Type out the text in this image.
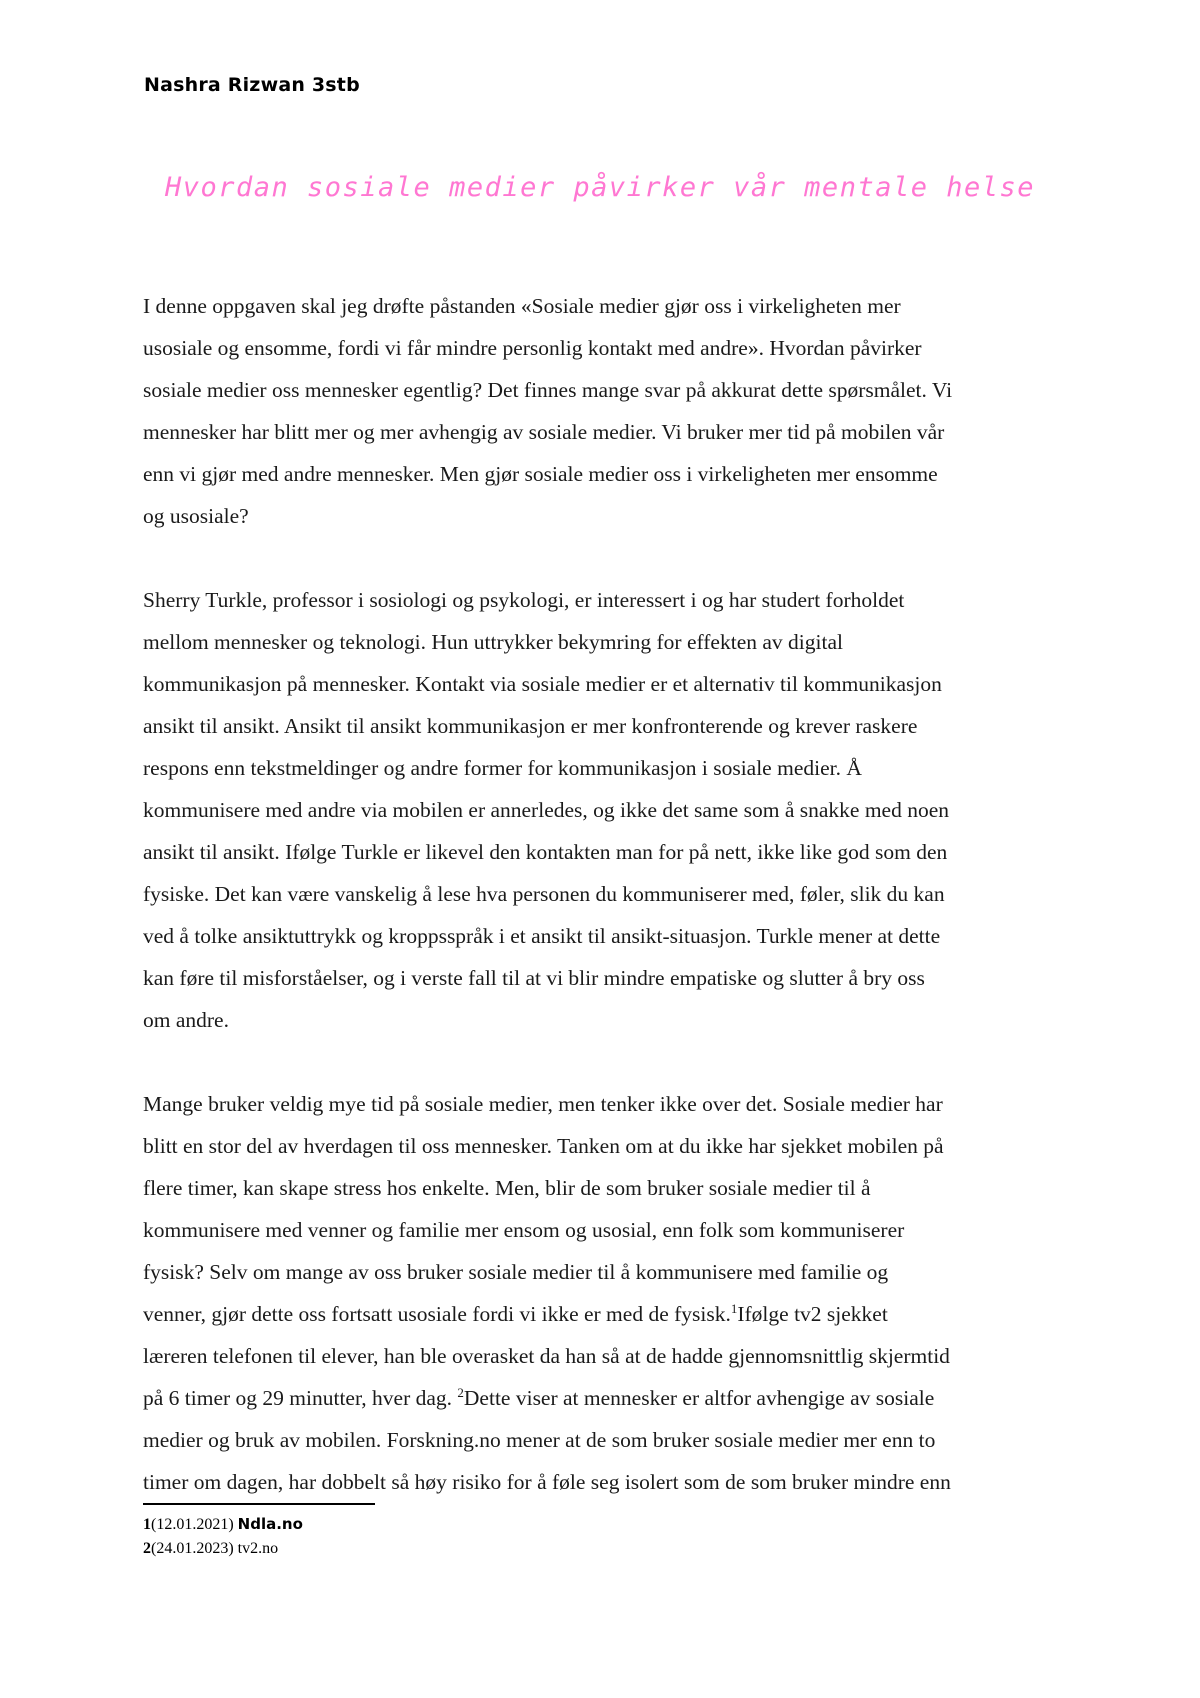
Nashra Rizwan 3stb
Hvordan sosiale medier påvirker vår mentale helse
I denne oppgaven skal jeg drøfte påstanden «Sosiale medier gjør oss i virkeligheten mer
usosiale og ensomme, fordi vi får mindre personlig kontakt med andre». Hvordan påvirker
sosiale medier oss mennesker egentlig? Det finnes mange svar på akkurat dette spørsmålet. Vi
mennesker har blitt mer og mer avhengig av sosiale medier. Vi bruker mer tid på mobilen vår
enn vi gjør med andre mennesker. Men gjør sosiale medier oss i virkeligheten mer ensomme
og usosiale?
Sherry Turkle, professor i sosiologi og psykologi, er interessert i og har studert forholdet
mellom mennesker og teknologi. Hun uttrykker bekymring for effekten av digital
kommunikasjon på mennesker. Kontakt via sosiale medier er et alternativ til kommunikasjon
ansikt til ansikt. Ansikt til ansikt kommunikasjon er mer konfronterende og krever raskere
respons enn tekstmeldinger og andre former for kommunikasjon i sosiale medier. Å
kommunisere med andre via mobilen er annerledes, og ikke det same som å snakke med noen
ansikt til ansikt. Ifølge Turkle er likevel den kontakten man for på nett, ikke like god som den
fysiske. Det kan være vanskelig å lese hva personen du kommuniserer med, føler, slik du kan
ved å tolke ansiktuttrykk og kroppsspråk i et ansikt til ansikt-situasjon. Turkle mener at dette
kan føre til misforståelser, og i verste fall til at vi blir mindre empatiske og slutter å bry oss
om andre.
Mange bruker veldig mye tid på sosiale medier, men tenker ikke over det. Sosiale medier har
blitt en stor del av hverdagen til oss mennesker. Tanken om at du ikke har sjekket mobilen på
flere timer, kan skape stress hos enkelte. Men, blir de som bruker sosiale medier til å
kommunisere med venner og familie mer ensom og usosial, enn folk som kommuniserer
fysisk? Selv om mange av oss bruker sosiale medier til å kommunisere med familie og
venner, gjør dette oss fortsatt usosiale fordi vi ikke er med de fysisk.$^1$Ifølge tv2 sjekket
læreren telefonen til elever, han ble overasket da han så at de hadde gjennomsnittlig skjermtid
på 6 timer og 29 minutter, hver dag. $^2$Dette viser at mennesker er altfor avhengige av sosiale
medier og bruk av mobilen. Forskning.no mener at de som bruker sosiale medier mer enn to
timer om dagen, har dobbelt så høy risiko for å føle seg isolert som de som bruker mindre enn
1(12.01.2021) Ndla.no
2(24.01.2023) tv2.no
